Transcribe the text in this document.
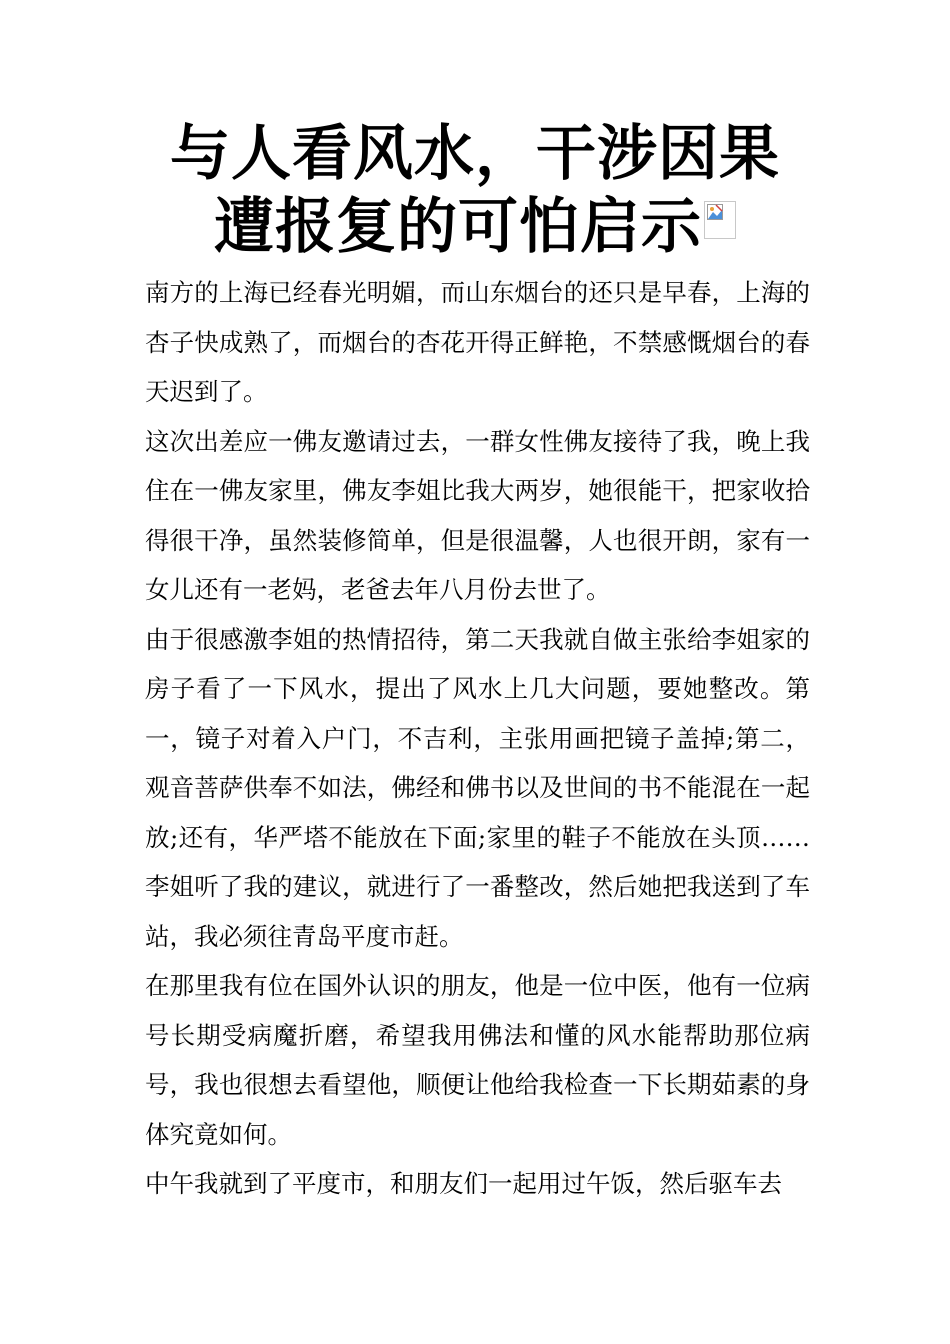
与人看风水，干涉因果遭报复的可怕启示

南方的上海已经春光明媚，而山东烟台的还只是早春，上海的杏子快成熟了，而烟台的杏花开得正鲜艳，不禁感慨烟台的春天迟到了。

这次出差应一佛友邀请过去，一群女性佛友接待了我，晚上我住在一佛友家里，佛友李姐比我大两岁，她很能干，把家收拾得很干净，虽然装修简单，但是很温馨，人也很开朗，家有一女儿还有一老妈，老爸去年八月份去世了。

由于很感激李姐的热情招待，第二天我就自做主张给李姐家的房子看了一下风水，提出了风水上几大问题，要她整改。第一，镜子对着入户门，不吉利，主张用画把镜子盖掉;第二，观音菩萨供奉不如法，佛经和佛书以及世间的书不能混在一起放;还有，华严塔不能放在下面;家里的鞋子不能放在头顶……李姐听了我的建议，就进行了一番整改，然后她把我送到了车站，我必须往青岛平度市赶。

在那里我有位在国外认识的朋友，他是一位中医，他有一位病号长期受病魔折磨，希望我用佛法和懂的风水能帮助那位病号，我也很想去看望他，顺便让他给我检查一下长期茹素的身体究竟如何。

中午我就到了平度市，和朋友们一起用过午饭，然后驱车去
